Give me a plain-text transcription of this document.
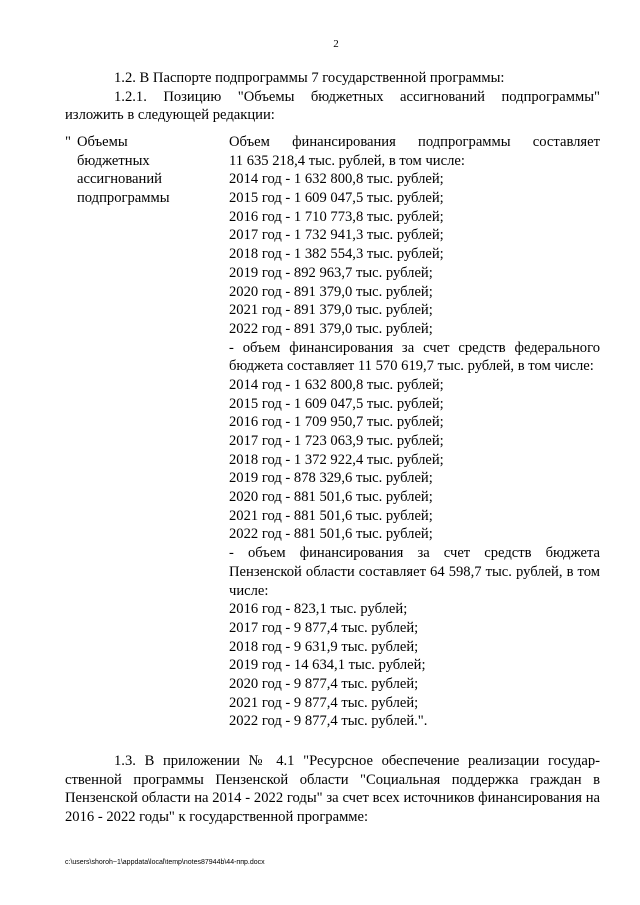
2
1.2. В Паспорте подпрограммы 7 государственной программы:
1.2.1. Позицию "Объемы бюджетных ассигнований подпрограммы"
изложить в следующей редакции:
" Объемы
бюджетных
ассигнований
подпрограммы
Объем финансирования подпрограммы составляет
11 635 218,4 тыс. рублей, в том числе:
2014 год - 1 632 800,8 тыс. рублей;
2015 год - 1 609 047,5 тыс. рублей;
2016 год - 1 710 773,8 тыс. рублей;
2017 год - 1 732 941,3 тыс. рублей;
2018 год - 1 382 554,3 тыс. рублей;
2019 год - 892 963,7 тыс. рублей;
2020 год - 891 379,0 тыс. рублей;
2021 год - 891 379,0 тыс. рублей;
2022 год - 891 379,0 тыс. рублей;
- объем финансирования за счет средств федерального бюджета составляет 11 570 619,7 тыс. рублей, в том числе:
2014 год - 1 632 800,8 тыс. рублей;
2015 год - 1 609 047,5 тыс. рублей;
2016 год - 1 709 950,7 тыс. рублей;
2017 год - 1 723 063,9 тыс. рублей;
2018 год - 1 372 922,4 тыс. рублей;
2019 год - 878 329,6 тыс. рублей;
2020 год - 881 501,6 тыс. рублей;
2021 год - 881 501,6 тыс. рублей;
2022 год - 881 501,6 тыс. рублей;
- объем финансирования за счет средств бюджета Пензенской области составляет 64 598,7 тыс. рублей, в том числе:
2016 год - 823,1 тыс. рублей;
2017 год - 9 877,4 тыс. рублей;
2018 год - 9 631,9 тыс. рублей;
2019 год - 14 634,1 тыс. рублей;
2020 год - 9 877,4 тыс. рублей;
2021 год - 9 877,4 тыс. рублей;
2022 год - 9 877,4 тыс. рублей.".
1.3. В приложении № 4.1 "Ресурсное обеспечение реализации государ-ственной программы Пензенской области "Социальная поддержка граждан в Пензенской области на 2014 - 2022 годы" за счет всех источников финансирования на 2016 - 2022 годы" к государственной программе:
c:\users\shoroh~1\appdata\local\temp\notes87944b\44-ппр.docx
